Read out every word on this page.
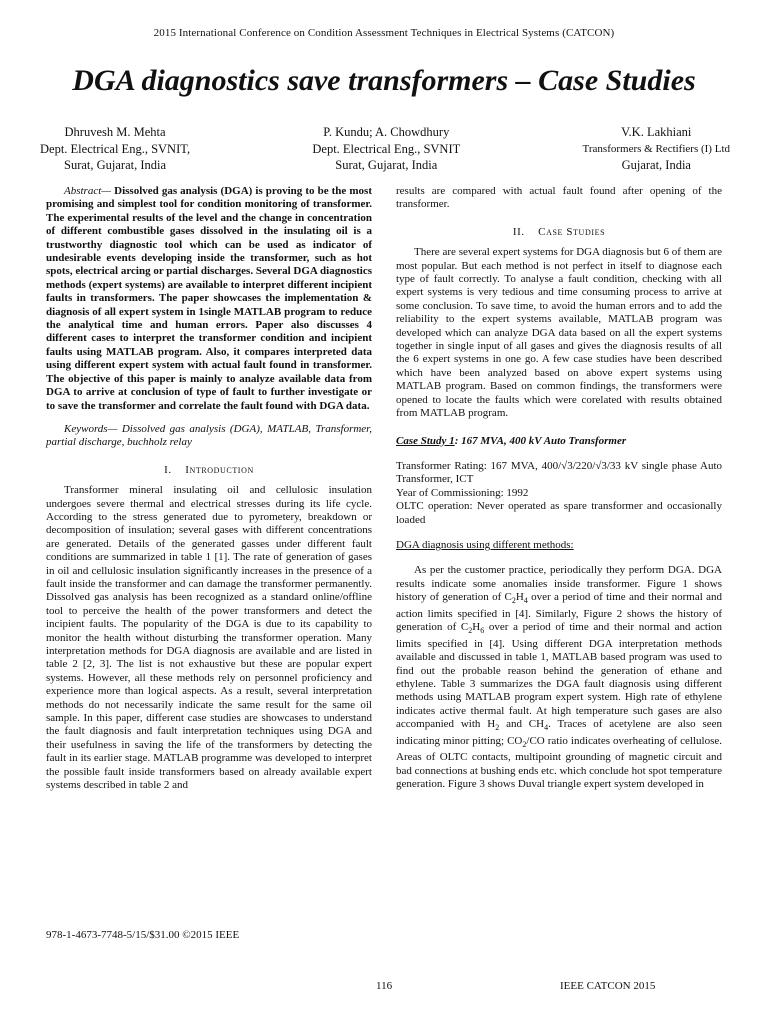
2015 International Conference on Condition Assessment Techniques in Electrical Systems (CATCON)
DGA diagnostics save transformers – Case Studies
Dhruvesh M. Mehta
Dept. Electrical Eng., SVNIT,
Surat, Gujarat, India
P. Kundu; A. Chowdhury
Dept. Electrical Eng., SVNIT
Surat, Gujarat, India
V.K. Lakhiani
Transformers & Rectifiers (I) Ltd
Gujarat, India

Abstract— Dissolved gas analysis (DGA) is proving to be the most promising and simplest tool for condition monitoring of transformer. The experimental results of the level and the change in concentration of different combustible gases dissolved in the insulating oil is a trustworthy diagnostic tool which can be used as indicator of undesirable events developing inside the transformer, such as hot spots, electrical arcing or partial discharges. Several DGA diagnostics methods (expert systems) are available to interpret different incipient faults in transformers. The paper showcases the implementation & diagnosis of all expert system in 1single MATLAB program to reduce the analytical time and human errors. Paper also discusses 4 different cases to interpret the transformer condition and incipient faults using MATLAB program. Also, it compares interpreted data using different expert system with actual fault found in transformer. The objective of this paper is mainly to analyze available data from DGA to arrive at conclusion of type of fault to further investigate or to save the transformer and correlate the fault found with DGA data.

Keywords— Dissolved gas analysis (DGA), MATLAB, Transformer, partial discharge, buchholz relay

I. Introduction

Transformer mineral insulating oil and cellulosic insulation undergoes severe thermal and electrical stresses during its life cycle. According to the stress generated due to pyrometery, breakdown or decomposition of insulation; several gases with different concentrations are generated. Details of the generated gasses under different fault conditions are summarized in table 1 [1]. The rate of generation of gases in oil and cellulosic insulation significantly increases in the presence of a fault inside the transformer and can damage the transformer permanently. Dissolved gas analysis has been recognized as a standard online/offline tool to perceive the health of the power transformers and detect the incipient faults. The popularity of the DGA is due to its capability to monitor the health without disturbing the transformer operation. Many interpretation methods for DGA diagnosis are available and are listed in table 2 [2, 3]. The list is not exhaustive but these are popular expert systems. However, all these methods rely on personnel proficiency and experience more than logical aspects. As a result, several interpretation methods do not necessarily indicate the same result for the same oil sample. In this paper, different case studies are showcases to understand the fault diagnosis and fault interpretation techniques using DGA and their usefulness in saving the life of the transformers by detecting the fault in its earlier stage. MATLAB programme was developed to interpret the possible fault inside transformers based on already available expert systems described in table 2 and

results are compared with actual fault found after opening of the transformer.

II. Case Studies

There are several expert systems for DGA diagnosis but 6 of them are most popular. But each method is not perfect in itself to diagnose each type of fault correctly. To analyse a fault condition, checking with all expert systems is very tedious and time consuming process to arrive at some conclusion. To save time, to avoid the human errors and to add the reliability to the expert systems available, MATLAB program was developed which can analyze DGA data based on all the expert systems together in single input of all gases and gives the diagnosis results of all the 6 expert systems in one go. A few case studies have been described which have been analyzed based on above expert systems using MATLAB program. Based on common findings, the transformers were opened to locate the faults which were corelated with results obtained from MATLAB program.

Case Study 1: 167 MVA, 400 kV Auto Transformer

Transformer Rating: 167 MVA, 400/√3/220/√3/33 kV single phase Auto Transformer, ICT

Year of Commissioning: 1992

OLTC operation: Never operated as spare transformer and occasionally loaded

DGA diagnosis using different methods:

As per the customer practice, periodically they perform DGA. DGA results indicate some anomalies inside transformer. Figure 1 shows history of generation of $C_2H_4$ over a period of time and their normal and action limits specified in [4]. Similarly, Figure 2 shows the history of generation of $C_2H_6$ over a period of time and their normal and action limits specified in [4]. Using different DGA interpretation methods available and discussed in table 1, MATLAB based program was used to find out the probable reason behind the generation of ethane and ethylene. Table 3 summarizes the DGA fault diagnosis using different methods using MATLAB program expert system. High rate of ethylene indicates active thermal fault. At high temperature such gases are also accompanied with $H_2$ and $CH_4$. Traces of acetylene are also seen indicating minor pitting; $CO_2/CO$ ratio indicates overheating of cellulose. Areas of OLTC contacts, multipoint grounding of magnetic circuit and bad connections at bushing ends etc. which conclude hot spot temperature generation. Figure 3 shows Duval triangle expert system developed in

978-1-4673-7748-5/15/$31.00 ©2015 IEEE
116	IEEE CATCON 2015
